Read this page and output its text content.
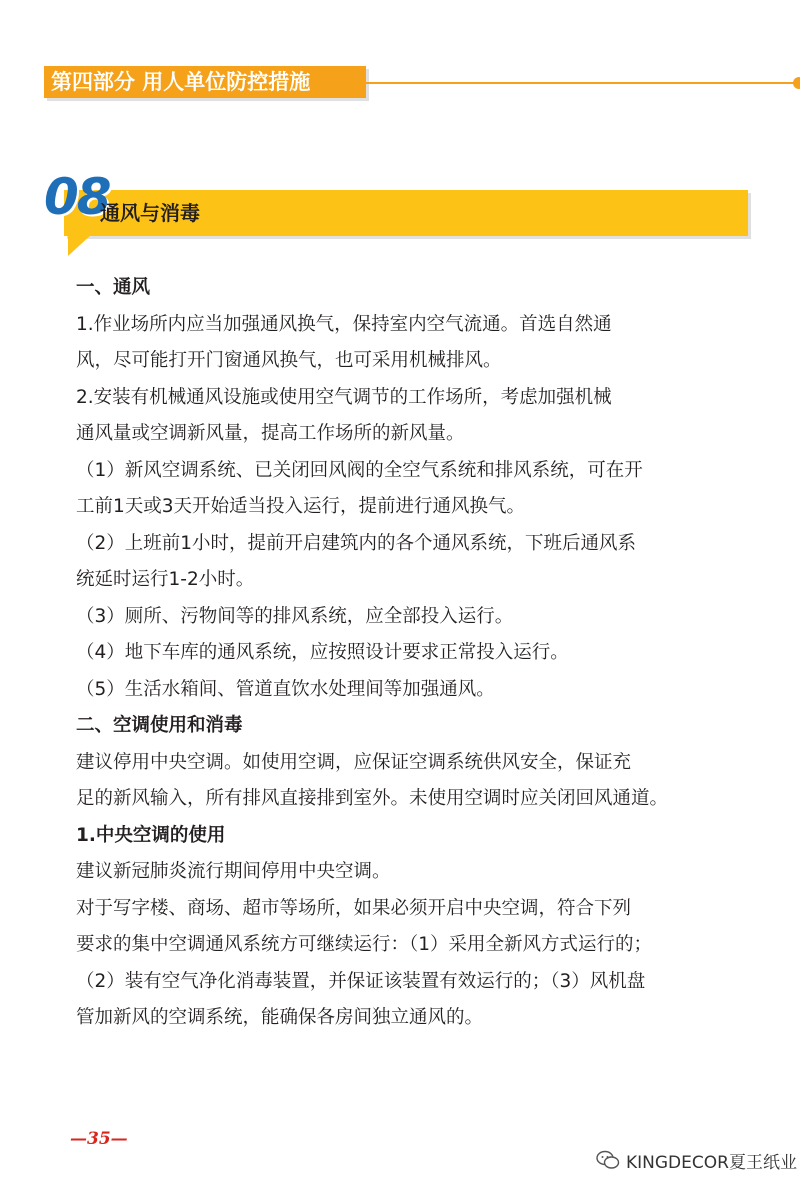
第四部分 用人单位防控措施
08
通风与消毒

一、通风

1.作业场所内应当加强通风换气，保持室内空气流通。首选自然通

风，尽可能打开门窗通风换气，也可采用机械排风。

2.安装有机械通风设施或使用空气调节的工作场所，考虑加强机械

通风量或空调新风量，提高工作场所的新风量。

（1）新风空调系统、已关闭回风阀的全空气系统和排风系统，可在开

工前1天或3天开始适当投入运行，提前进行通风换气。

（2）上班前1小时，提前开启建筑内的各个通风系统，下班后通风系

统延时运行1-2小时。

（3）厕所、污物间等的排风系统，应全部投入运行。

（4）地下车库的通风系统，应按照设计要求正常投入运行。

（5）生活水箱间、管道直饮水处理间等加强通风。

二、空调使用和消毒

建议停用中央空调。如使用空调，应保证空调系统供风安全，保证充

足的新风输入，所有排风直接排到室外。未使用空调时应关闭回风通道。

1.中央空调的使用

建议新冠肺炎流行期间停用中央空调。

对于写字楼、商场、超市等场所，如果必须开启中央空调，符合下列

要求的集中空调通风系统方可继续运行：（1）采用全新风方式运行的；

（2）装有空气净化消毒装置，并保证该装置有效运行的；（3）风机盘

管加新风的空调系统，能确保各房间独立通风的。

—35—
KINGDECOR夏王纸业
